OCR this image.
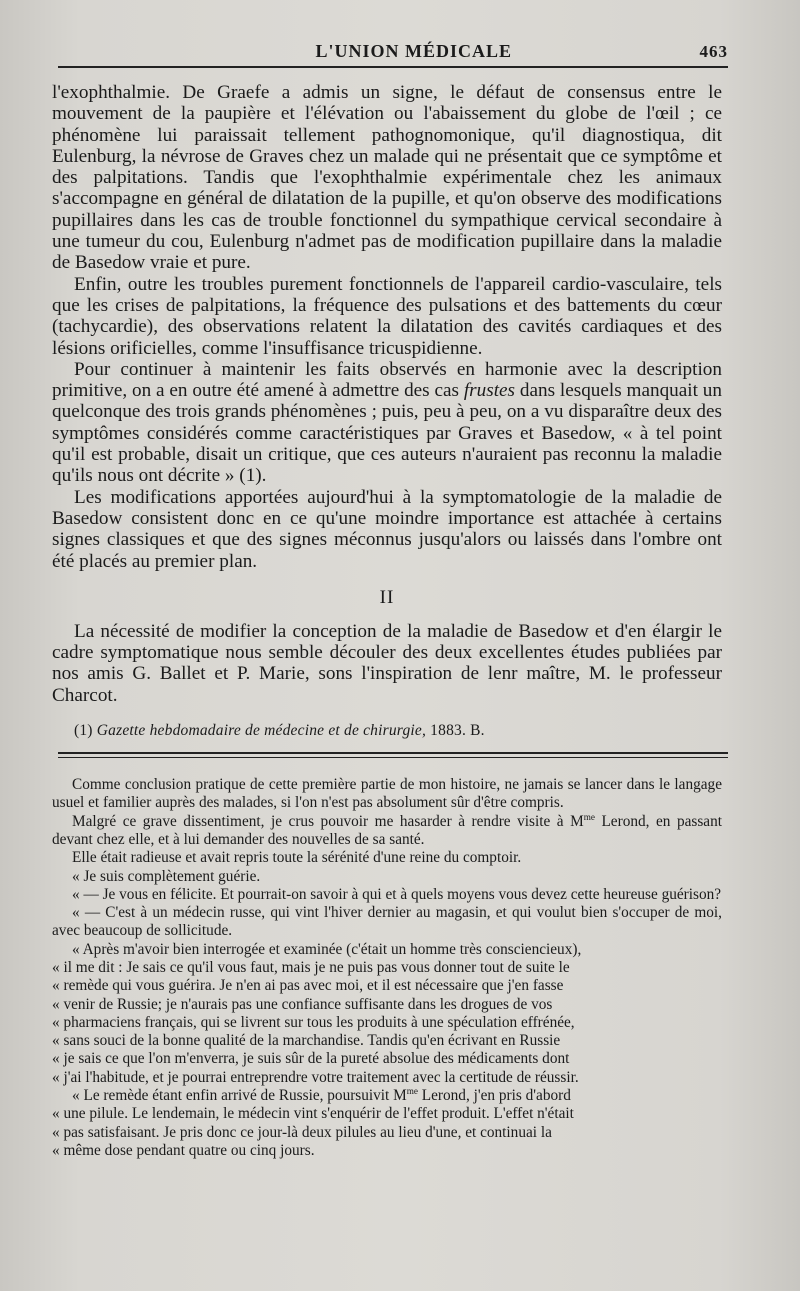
L'UNION MÉDICALE	463

l'exophthalmie. De Graefe a admis un signe, le défaut de consensus entre le mouvement de la paupière et l'élévation ou l'abaissement du globe de l'œil ; ce phénomène lui paraissait tellement pathognomonique, qu'il diagnostiqua, dit Eulenburg, la névrose de Graves chez un malade qui ne présentait que ce symptôme et des palpitations. Tandis que l'exophthalmie expérimentale chez les animaux s'accompagne en général de dilatation de la pupille, et qu'on observe des modifications pupillaires dans les cas de trouble fonctionnel du sympathique cervical secondaire à une tumeur du cou, Eulenburg n'admet pas de modification pupillaire dans la maladie de Basedow vraie et pure.

Enfin, outre les troubles purement fonctionnels de l'appareil cardio-vasculaire, tels que les crises de palpitations, la fréquence des pulsations et des battements du cœur (tachycardie), des observations relatent la dilatation des cavités cardiaques et des lésions orificielles, comme l'insuffisance tricuspidienne.

Pour continuer à maintenir les faits observés en harmonie avec la description primitive, on a en outre été amené à admettre des cas frustes dans lesquels manquait un quelconque des trois grands phénomènes ; puis, peu à peu, on a vu disparaître deux des symptômes considérés comme caractéristiques par Graves et Basedow, « à tel point qu'il est probable, disait un critique, que ces auteurs n'auraient pas reconnu la maladie qu'ils nous ont décrite » (1).

Les modifications apportées aujourd'hui à la symptomatologie de la maladie de Basedow consistent donc en ce qu'une moindre importance est attachée à certains signes classiques et que des signes méconnus jusqu'alors ou laissés dans l'ombre ont été placés au premier plan.

II

La nécessité de modifier la conception de la maladie de Basedow et d'en élargir le cadre symptomatique nous semble découler des deux excellentes études publiées par nos amis G. Ballet et P. Marie, sons l'inspiration de lenr maître, M. le professeur Charcot.

(1) Gazette hebdomadaire de médecine et de chirurgie, 1883. B.

Comme conclusion pratique de cette première partie de mon histoire, ne jamais se lancer dans le langage usuel et familier auprès des malades, si l'on n'est pas absolument sûr d'être compris.

Malgré ce grave dissentiment, je crus pouvoir me hasarder à rendre visite à $M^{me}$ Lerond, en passant devant chez elle, et à lui demander des nouvelles de sa santé.

Elle était radieuse et avait repris toute la sérénité d'une reine du comptoir.

« Je suis complètement guérie.

« — Je vous en félicite. Et pourrait-on savoir à qui et à quels moyens vous devez cette heureuse guérison?

« — C'est à un médecin russe, qui vint l'hiver dernier au magasin, et qui voulut bien s'occuper de moi, avec beaucoup de sollicitude.

« Après m'avoir bien interrogée et examinée (c'était un homme très consciencieux),

« il me dit : Je sais ce qu'il vous faut, mais je ne puis pas vous donner tout de suite le

« remède qui vous guérira. Je n'en ai pas avec moi, et il est nécessaire que j'en fasse

« venir de Russie; je n'aurais pas une confiance suffisante dans les drogues de vos

« pharmaciens français, qui se livrent sur tous les produits à une spéculation effrénée,

« sans souci de la bonne qualité de la marchandise. Tandis qu'en écrivant en Russie

« je sais ce que l'on m'enverra, je suis sûr de la pureté absolue des médicaments dont

« j'ai l'habitude, et je pourrai entreprendre votre traitement avec la certitude de réussir.

« Le remède étant enfin arrivé de Russie, poursuivit $M^{me}$ Lerond, j'en pris d'abord

« une pilule. Le lendemain, le médecin vint s'enquérir de l'effet produit. L'effet n'était

« pas satisfaisant. Je pris donc ce jour-là deux pilules au lieu d'une, et continuai la

« même dose pendant quatre ou cinq jours.
